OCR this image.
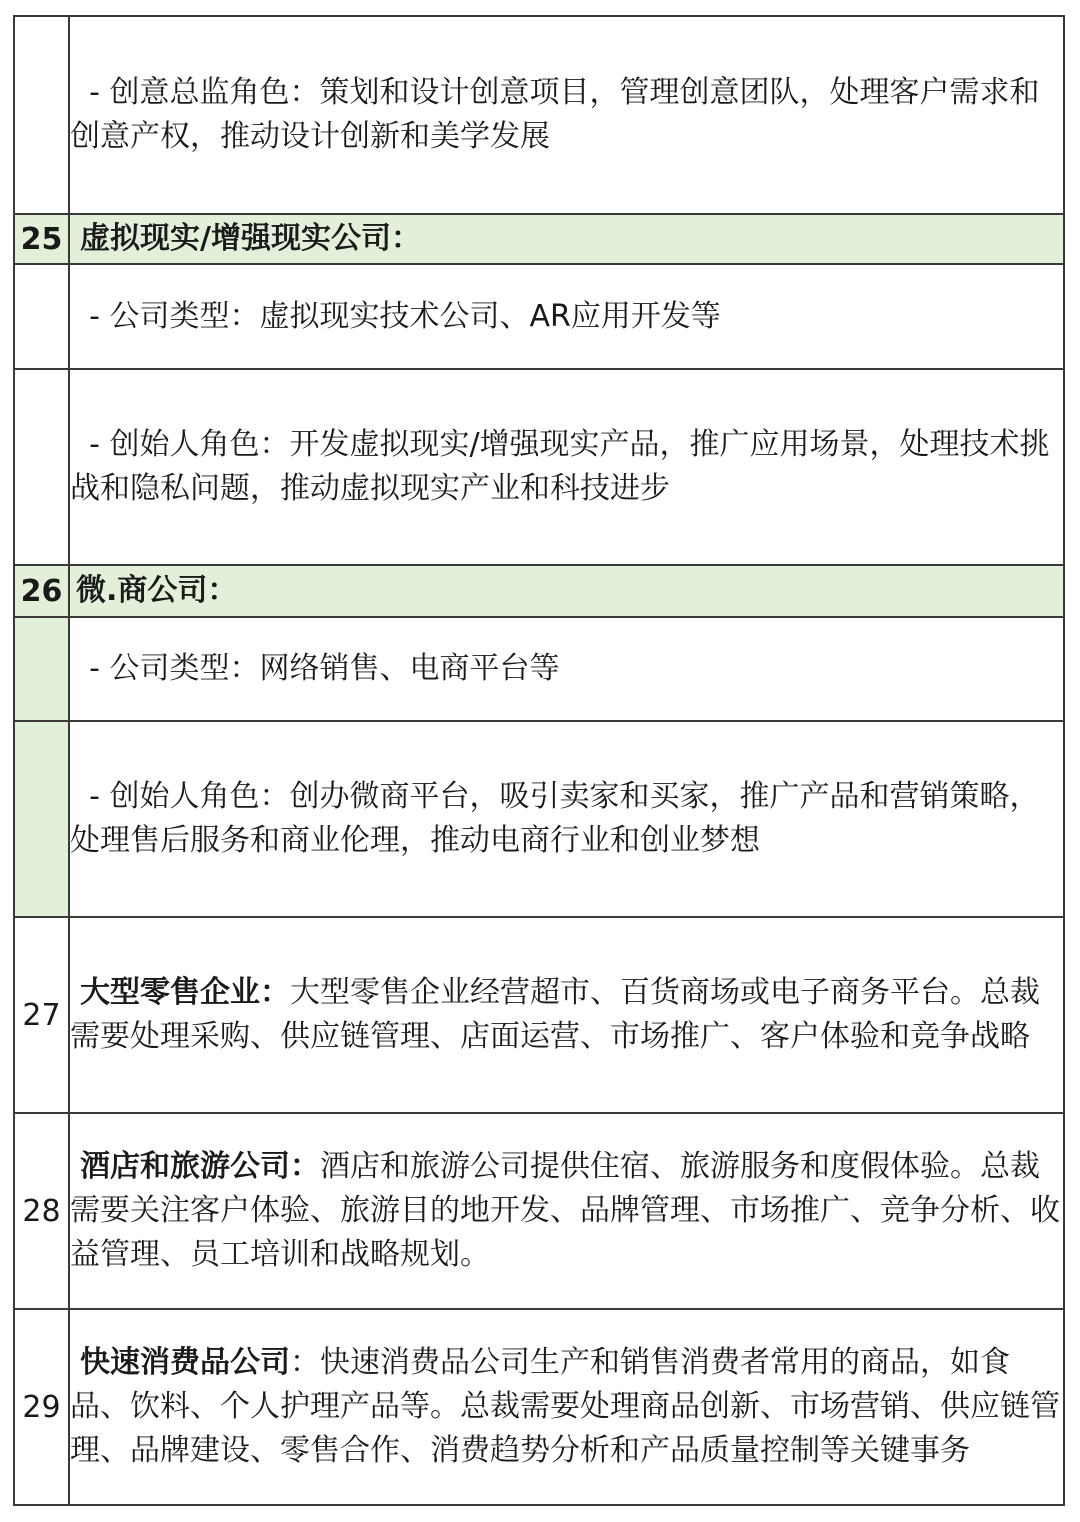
	- 创意总监角色：策划和设计创意项目，管理创意团队，处理客户需求和创意产权，推动设计创新和美学发展
25	虚拟现实/增强现实公司：
	- 公司类型：虚拟现实技术公司、AR应用开发等
	- 创始人角色：开发虚拟现实/增强现实产品，推广应用场景，处理技术挑战和隐私问题，推动虚拟现实产业和科技进步
26	微.商公司：
	- 公司类型：网络销售、电商平台等
	- 创始人角色：创办微商平台，吸引卖家和买家，推广产品和营销策略，处理售后服务和商业伦理，推动电商行业和创业梦想
27	大型零售企业：大型零售企业经营超市、百货商场或电子商务平台。总裁需要处理采购、供应链管理、店面运营、市场推广、客户体验和竞争战略
28	酒店和旅游公司：酒店和旅游公司提供住宿、旅游服务和度假体验。总裁需要关注客户体验、旅游目的地开发、品牌管理、市场推广、竞争分析、收益管理、员工培训和战略规划。
29	快速消费品公司：快速消费品公司生产和销售消费者常用的商品，如食品、饮料、个人护理产品等。总裁需要处理商品创新、市场营销、供应链管理、品牌建设、零售合作、消费趋势分析和产品质量控制等关键事务
